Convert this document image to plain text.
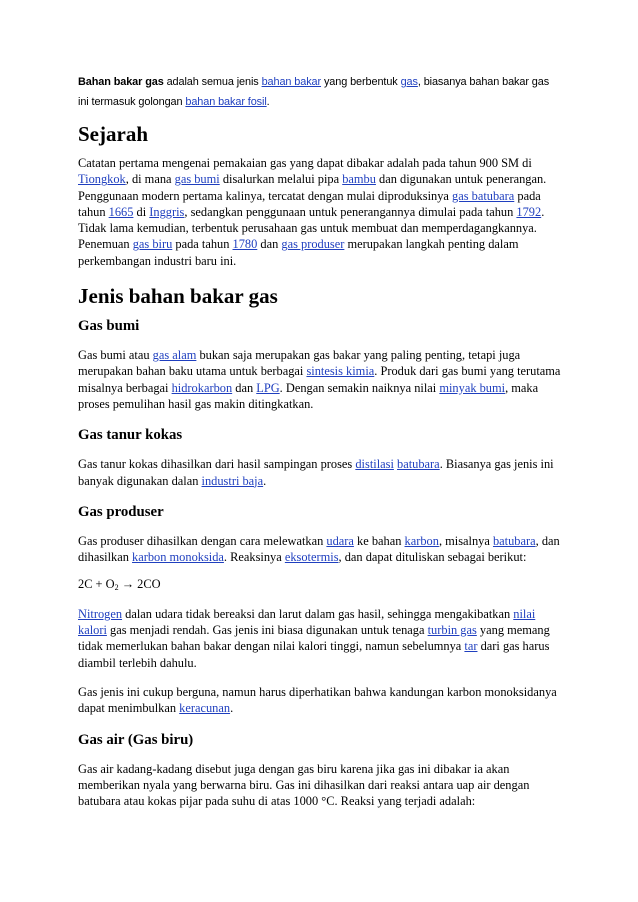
Bahan bakar gas adalah semua jenis bahan bakar yang berbentuk gas, biasanya bahan bakar gas ini termasuk golongan bahan bakar fosil.

Sejarah

Catatan pertama mengenai pemakaian gas yang dapat dibakar adalah pada tahun 900 SM di Tiongkok, di mana gas bumi disalurkan melalui pipa bambu dan digunakan untuk penerangan. Penggunaan modern pertama kalinya, tercatat dengan mulai diproduksinya gas batubara pada tahun 1665 di Inggris, sedangkan penggunaan untuk penerangannya dimulai pada tahun 1792. Tidak lama kemudian, terbentuk perusahaan gas untuk membuat dan memperdagangkannya. Penemuan gas biru pada tahun 1780 dan gas produser merupakan langkah penting dalam perkembangan industri baru ini.

Jenis bahan bakar gas
Gas bumi

Gas bumi atau gas alam bukan saja merupakan gas bakar yang paling penting, tetapi juga merupakan bahan baku utama untuk berbagai sintesis kimia. Produk dari gas bumi yang terutama misalnya berbagai hidrokarbon dan LPG. Dengan semakin naiknya nilai minyak bumi, maka proses pemulihan hasil gas makin ditingkatkan.

Gas tanur kokas

Gas tanur kokas dihasilkan dari hasil sampingan proses distilasi batubara. Biasanya gas jenis ini banyak digunakan dalan industri baja.

Gas produser

Gas produser dihasilkan dengan cara melewatkan udara ke bahan karbon, misalnya batubara, dan dihasilkan karbon monoksida. Reaksinya eksotermis, dan dapat dituliskan sebagai berikut:

$2C + O_2 \to 2CO$

Nitrogen dalan udara tidak bereaksi dan larut dalam gas hasil, sehingga mengakibatkan nilai kalori gas menjadi rendah. Gas jenis ini biasa digunakan untuk tenaga turbin gas yang memang tidak memerlukan bahan bakar dengan nilai kalori tinggi, namun sebelumnya tar dari gas harus diambil terlebih dahulu.

Gas jenis ini cukup berguna, namun harus diperhatikan bahwa kandungan karbon monoksidanya dapat menimbulkan keracunan.

Gas air (Gas biru)

Gas air kadang-kadang disebut juga dengan gas biru karena jika gas ini dibakar ia akan memberikan nyala yang berwarna biru. Gas ini dihasilkan dari reaksi antara uap air dengan batubara atau kokas pijar pada suhu di atas 1000 °C. Reaksi yang terjadi adalah:
